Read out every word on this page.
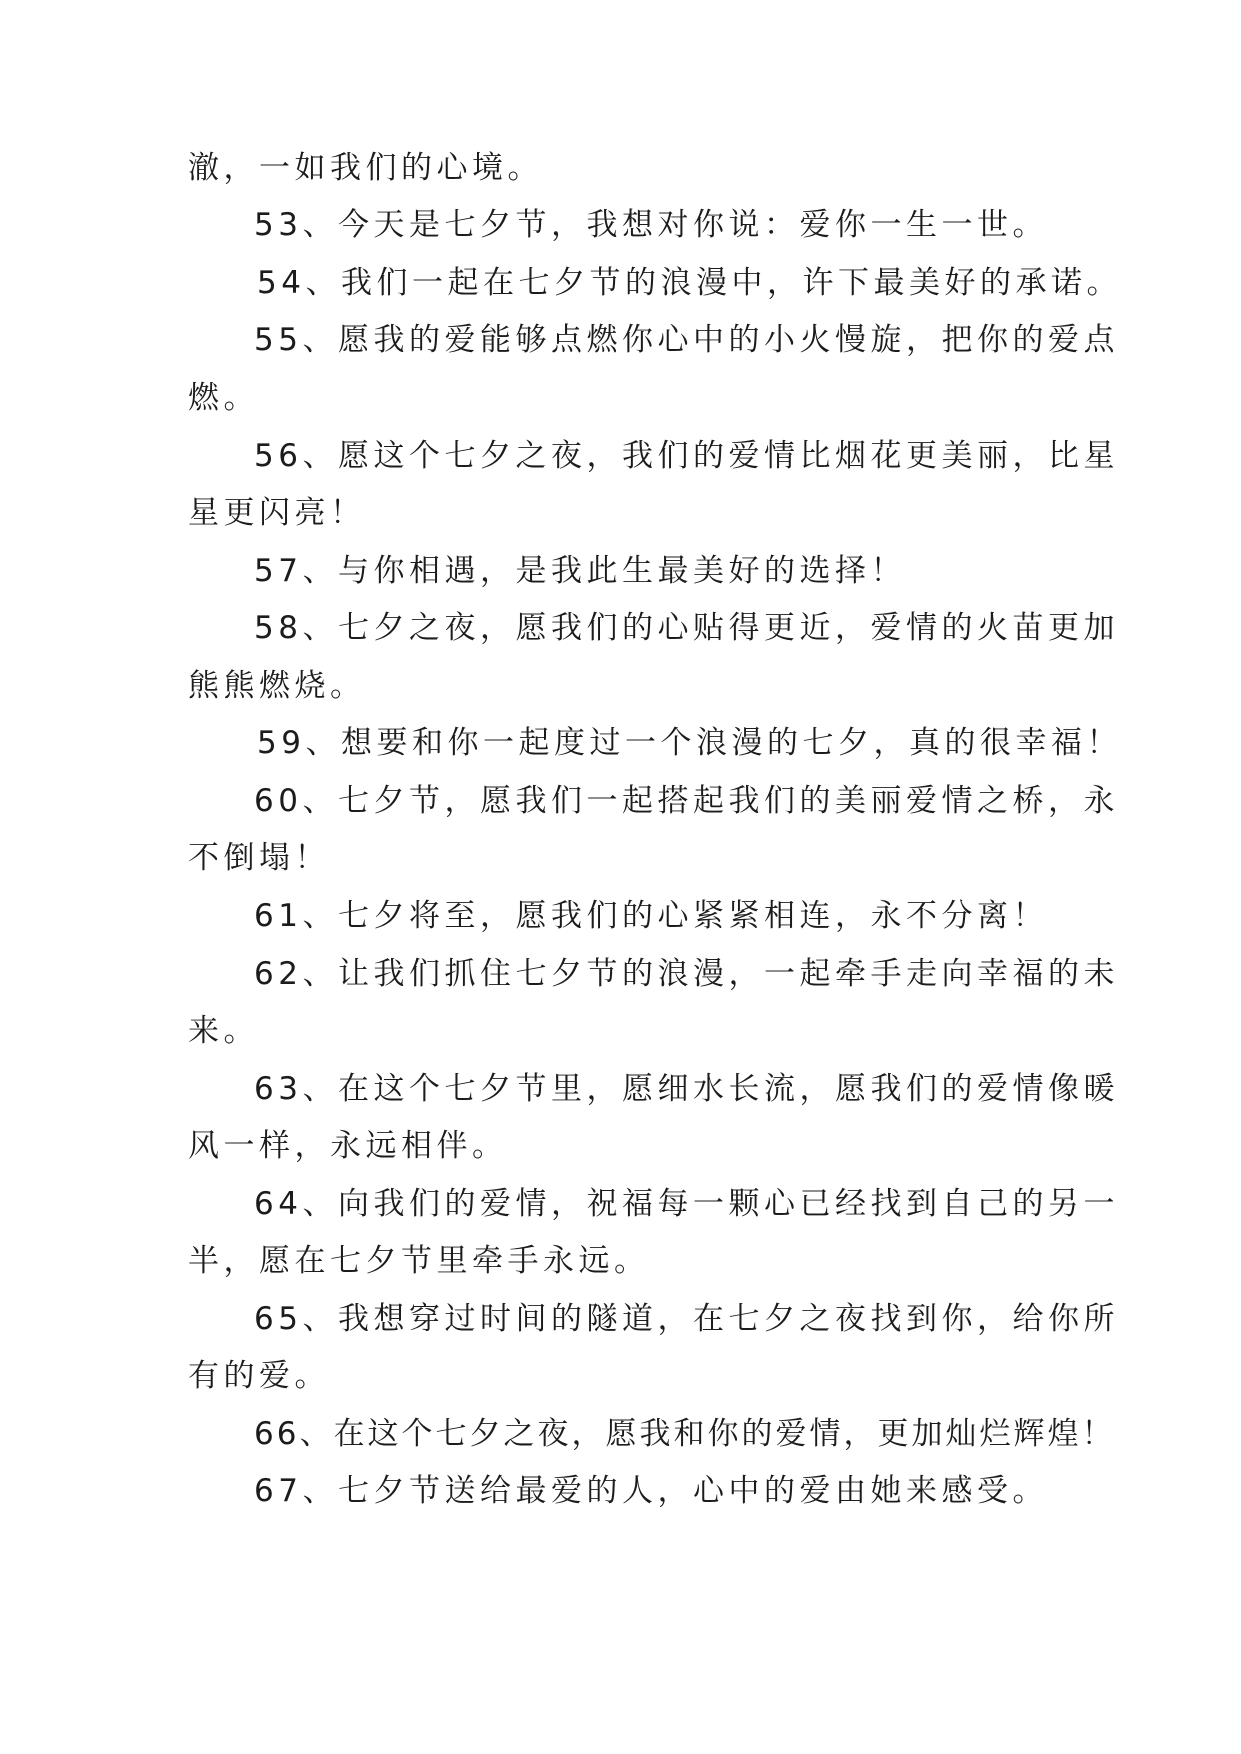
澈，一如我们的心境。
53、今天是七夕节，我想对你说：爱你一生一世。
54、我们一起在七夕节的浪漫中，许下最美好的承诺。
55、愿我的爱能够点燃你心中的小火慢旋，把你的爱点
燃。
56、愿这个七夕之夜，我们的爱情比烟花更美丽，比星
星更闪亮！
57、与你相遇，是我此生最美好的选择！
58、七夕之夜，愿我们的心贴得更近，爱情的火苗更加
熊熊燃烧。
59、想要和你一起度过一个浪漫的七夕，真的很幸福！
60、七夕节，愿我们一起搭起我们的美丽爱情之桥，永
不倒塌！
61、七夕将至，愿我们的心紧紧相连，永不分离！
62、让我们抓住七夕节的浪漫，一起牵手走向幸福的未
来。
63、在这个七夕节里，愿细水长流，愿我们的爱情像暖
风一样，永远相伴。
64、向我们的爱情，祝福每一颗心已经找到自己的另一
半，愿在七夕节里牵手永远。
65、我想穿过时间的隧道，在七夕之夜找到你，给你所
有的爱。
66、在这个七夕之夜，愿我和你的爱情，更加灿烂辉煌！
67、七夕节送给最爱的人，心中的爱由她来感受。
